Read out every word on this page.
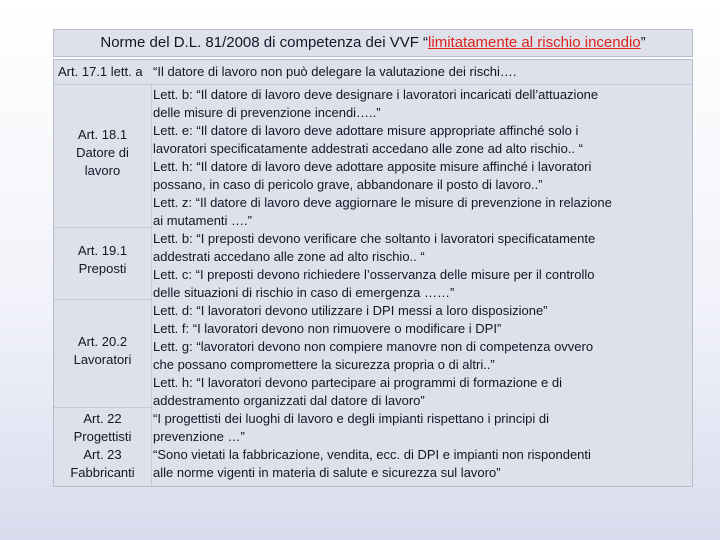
Norme del D.L. 81/2008 di competenza dei VVF “limitatamente al rischio incendio”
Art. 17.1 lett. a “Il datore di lavoro non può delegare la valutazione dei rischi….
Art. 18.1
Datore di
lavoro
Art. 19.1
Preposti
Art. 20.2
Lavoratori
Art. 22
Progettisti
Art. 23
Fabbricanti
Lett. b: “Il datore di lavoro deve designare i lavoratori incaricati dell’attuazione
delle misure di prevenzione incendi…..”
Lett. e: “Il datore di lavoro deve adottare misure appropriate affinché solo i
lavoratori specificatamente addestrati accedano alle zone ad alto rischio.. “
Lett. h: “Il datore di lavoro deve adottare apposite misure affinché i lavoratori
possano, in caso di pericolo grave, abbandonare il posto di lavoro..”
Lett. z: “Il datore di lavoro deve aggiornare le misure di prevenzione in relazione
ai mutamenti ….”
Lett. b: “I preposti devono verificare che soltanto i lavoratori specificatamente
addestrati accedano alle zone ad alto rischio.. “
Lett. c: “I preposti devono richiedere l’osservanza delle misure per il controllo
delle situazioni di rischio in caso di emergenza ……”
Lett. d: “I lavoratori devono utilizzare i DPI messi a loro disposizione”
Lett. f: “I lavoratori devono non rimuovere o modificare i DPI”
Lett. g: “lavoratori devono non compiere manovre non di competenza ovvero
che possano compromettere la sicurezza propria o di altri..”
Lett. h: “I lavoratori devono partecipare ai programmi di formazione e di
addestramento organizzati dal datore di lavoro”
“I progettisti dei luoghi di lavoro e degli impianti rispettano i principi di
prevenzione …”
“Sono vietati la fabbricazione, vendita, ecc. di DPI e impianti non rispondenti
alle norme vigenti in materia di salute e sicurezza sul lavoro”
